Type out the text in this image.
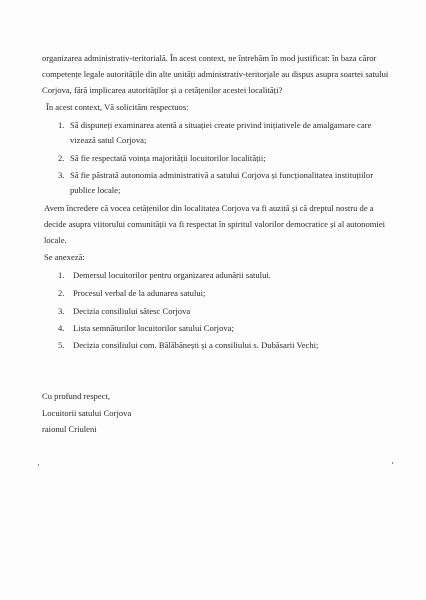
organizarea administrativ-teritorială. În acest context, ne întrebăm în mod justificat: în baza căror
competențe legale autoritățile din alte unități administrativ-teritorjale au dispus asupra soartei satului
Corjova, fără implicarea autorităților și a cetățenilor acestei localități?
În acest context, Vă solicităm respectuos:
1. Să dispuneți examinarea atentă a situației create privind inițiativele de amalgamare care
vizează satul Corjova;
2. Să fie respectată voința majorității locuitorilor localității;
3. Să fie păstrată autonomia administrativă a satului Corjova și funcționalitatea instituțiilor
publice locale;
Avem încredere că vocea cetățenilor din localitatea Corjova va fi auzită și că dreptul nostru de a
decide asupra viitorului comunității va fi respectat în spiritul valorilor democratice și al autonomiei
locale.
Se anexeză:
1. Demersul locuitorilor pentru organizarea adunării satului.
2. Procesul verbal de la adunarea satului;
3. Decizia consiliului sătesc Corjova
4. Lista semnăturilor locuitorilor satului Corjova;
5. Decizia consiliului com. Bălăbănești și a consiliului s. Dubăsarii Vechi;
Cu profund respect,
Locuitorii satului Corjova
raionul Criuleni
